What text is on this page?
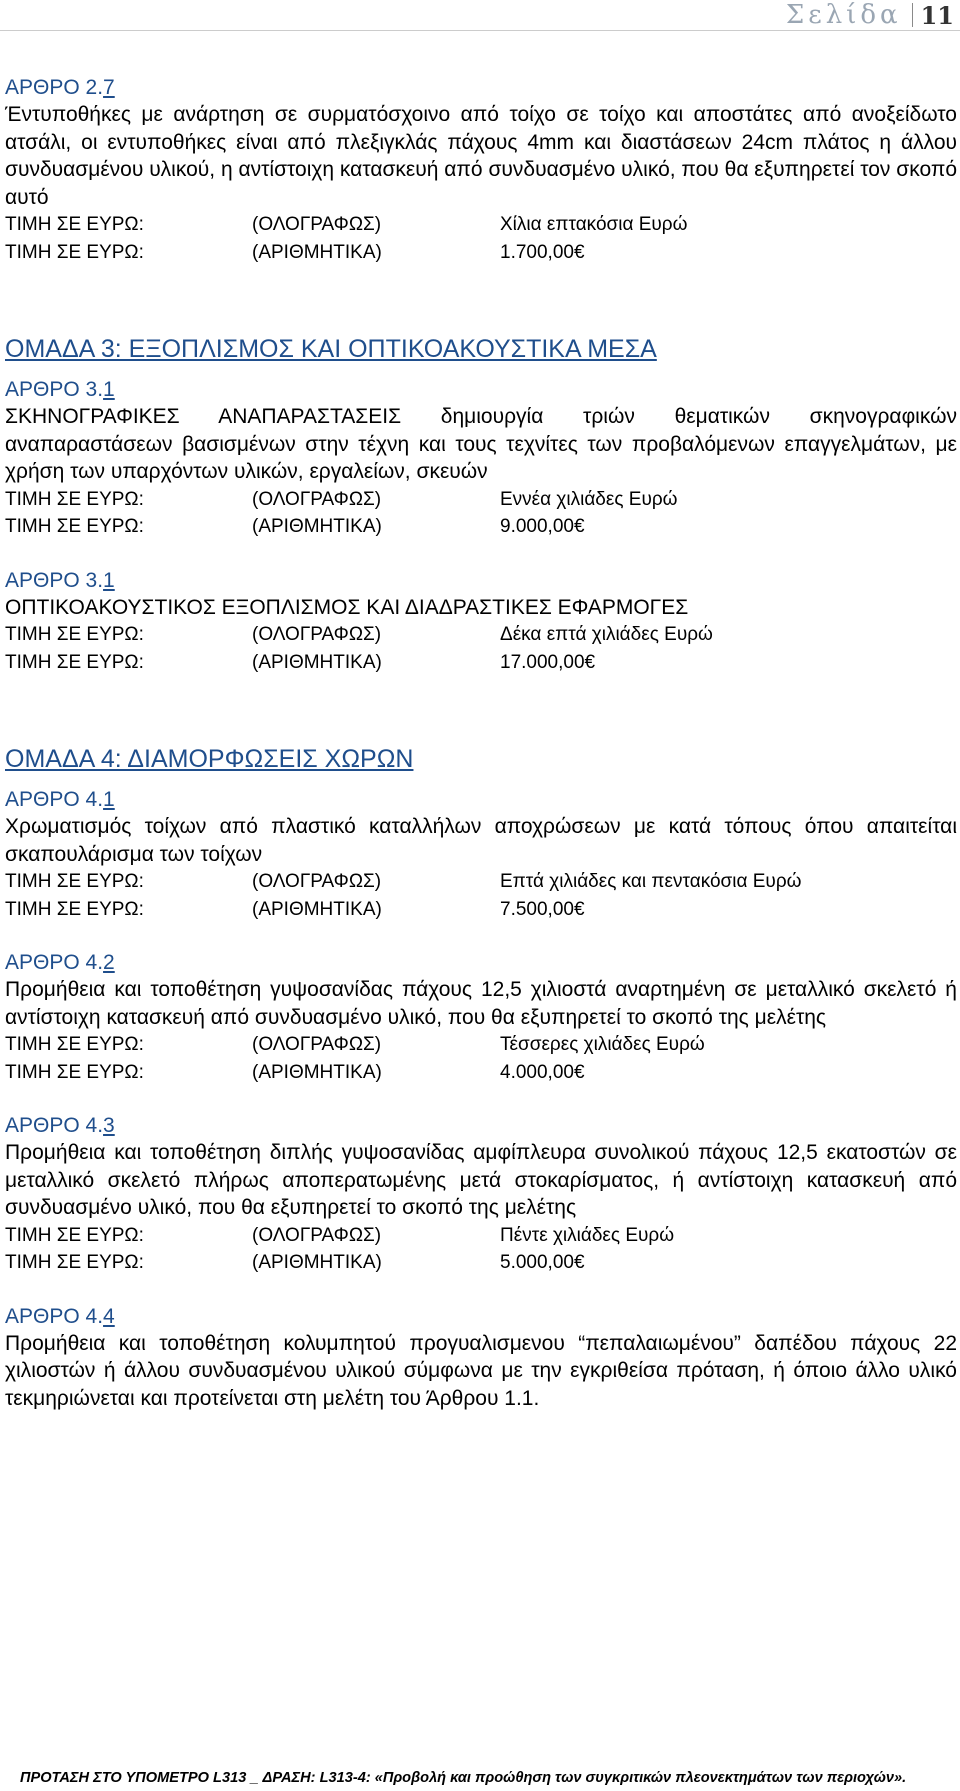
Σελίδα 11

ΑΡΘΡΟ 2.7

Έντυποθήκες με ανάρτηση σε συρματόσχοινο από τοίχο σε τοίχο και αποστάτες από ανοξείδωτο ατσάλι, οι εντυποθήκες είναι από πλεξιγκλάς πάχους 4mm και διαστάσεων 24cm πλάτος η άλλου συνδυασμένου υλικού, η αντίστοιχη κατασκευή από συνδυασμένο υλικό, που θα εξυπηρετεί τον σκοπό αυτό

ΤΙΜΗ ΣΕ ΕΥΡΩ:	(ΟΛΟΓΡΑΦΩΣ)	Χίλια επτακόσια Ευρώ
ΤΙΜΗ ΣΕ ΕΥΡΩ:	(ΑΡΙΘΜΗΤΙΚΑ)	1.700,00€

ΟΜΑΔΑ 3: ΕΞΟΠΛΙΣΜΟΣ ΚΑΙ ΟΠΤΙΚΟΑΚΟΥΣΤΙΚΑ ΜΕΣΑ

ΑΡΘΡΟ 3.1

ΣΚΗΝΟΓΡΑΦΙΚΕΣ ΑΝΑΠΑΡΑΣΤΑΣΕΙΣ δημιουργία τριών θεματικών σκηνογραφικών αναπαραστάσεων βασισμένων στην τέχνη και τους τεχνίτες των προβαλόμενων επαγγελμάτων, με χρήση των υπαρχόντων υλικών, εργαλείων, σκευών

ΤΙΜΗ ΣΕ ΕΥΡΩ:	(ΟΛΟΓΡΑΦΩΣ)	Εννέα χιλιάδες Ευρώ
ΤΙΜΗ ΣΕ ΕΥΡΩ:	(ΑΡΙΘΜΗΤΙΚΑ)	9.000,00€

ΑΡΘΡΟ 3.1

ΟΠΤΙΚΟΑΚΟΥΣΤΙΚΟΣ ΕΞΟΠΛΙΣΜΟΣ ΚΑΙ ΔΙΑΔΡΑΣΤΙΚΕΣ ΕΦΑΡΜΟΓΕΣ

ΤΙΜΗ ΣΕ ΕΥΡΩ:	(ΟΛΟΓΡΑΦΩΣ)	Δέκα επτά χιλιάδες Ευρώ
ΤΙΜΗ ΣΕ ΕΥΡΩ:	(ΑΡΙΘΜΗΤΙΚΑ)	17.000,00€

ΟΜΑΔΑ 4: ΔΙΑΜΟΡΦΩΣΕΙΣ ΧΩΡΩΝ

ΑΡΘΡΟ 4.1

Χρωματισμός τοίχων από πλαστικό καταλλήλων αποχρώσεων με κατά τόπους όπου απαιτείται σκαπουλάρισμα των τοίχων

ΤΙΜΗ ΣΕ ΕΥΡΩ:	(ΟΛΟΓΡΑΦΩΣ)	Επτά χιλιάδες και πεντακόσια Ευρώ
ΤΙΜΗ ΣΕ ΕΥΡΩ:	(ΑΡΙΘΜΗΤΙΚΑ)	7.500,00€

ΑΡΘΡΟ 4.2

Προμήθεια και τοποθέτηση γυψοσανίδας πάχους 12,5 χιλιοστά αναρτημένη σε μεταλλικό σκελετό ή αντίστοιχη κατασκευή από συνδυασμένο υλικό, που θα εξυπηρετεί το σκοπό της μελέτης

ΤΙΜΗ ΣΕ ΕΥΡΩ:	(ΟΛΟΓΡΑΦΩΣ)	Τέσσερες χιλιάδες Ευρώ
ΤΙΜΗ ΣΕ ΕΥΡΩ:	(ΑΡΙΘΜΗΤΙΚΑ)	4.000,00€

ΑΡΘΡΟ 4.3

Προμήθεια και τοποθέτηση διπλής γυψοσανίδας αμφίπλευρα συνολικού πάχους 12,5 εκατοστών σε μεταλλικό σκελετό πλήρως αποπερατωμένης μετά στοκαρίσματος, ή αντίστοιχη κατασκευή από συνδυασμένο υλικό, που θα εξυπηρετεί το σκοπό της μελέτης

ΤΙΜΗ ΣΕ ΕΥΡΩ:	(ΟΛΟΓΡΑΦΩΣ)	Πέντε χιλιάδες Ευρώ
ΤΙΜΗ ΣΕ ΕΥΡΩ:	(ΑΡΙΘΜΗΤΙΚΑ)	5.000,00€

ΑΡΘΡΟ 4.4

Προμήθεια και τοποθέτηση κολυμπητού προγυαλισμενου “πεπαλαιωμένου” δαπέδου πάχους 22 χιλιοστών ή άλλου συνδυασμένου υλικού σύμφωνα με την εγκριθείσα πρόταση, ή όποιο άλλο υλικό τεκμηριώνεται και προτείνεται στη μελέτη του Άρθρου 1.1.

ΠΡΟΤΑΣΗ ΣΤΟ ΥΠΟΜΕΤΡΟ L313 _ ΔΡΑΣΗ: L313-4: «Προβολή και προώθηση των συγκριτικών πλεονεκτημάτων των περιοχών».
